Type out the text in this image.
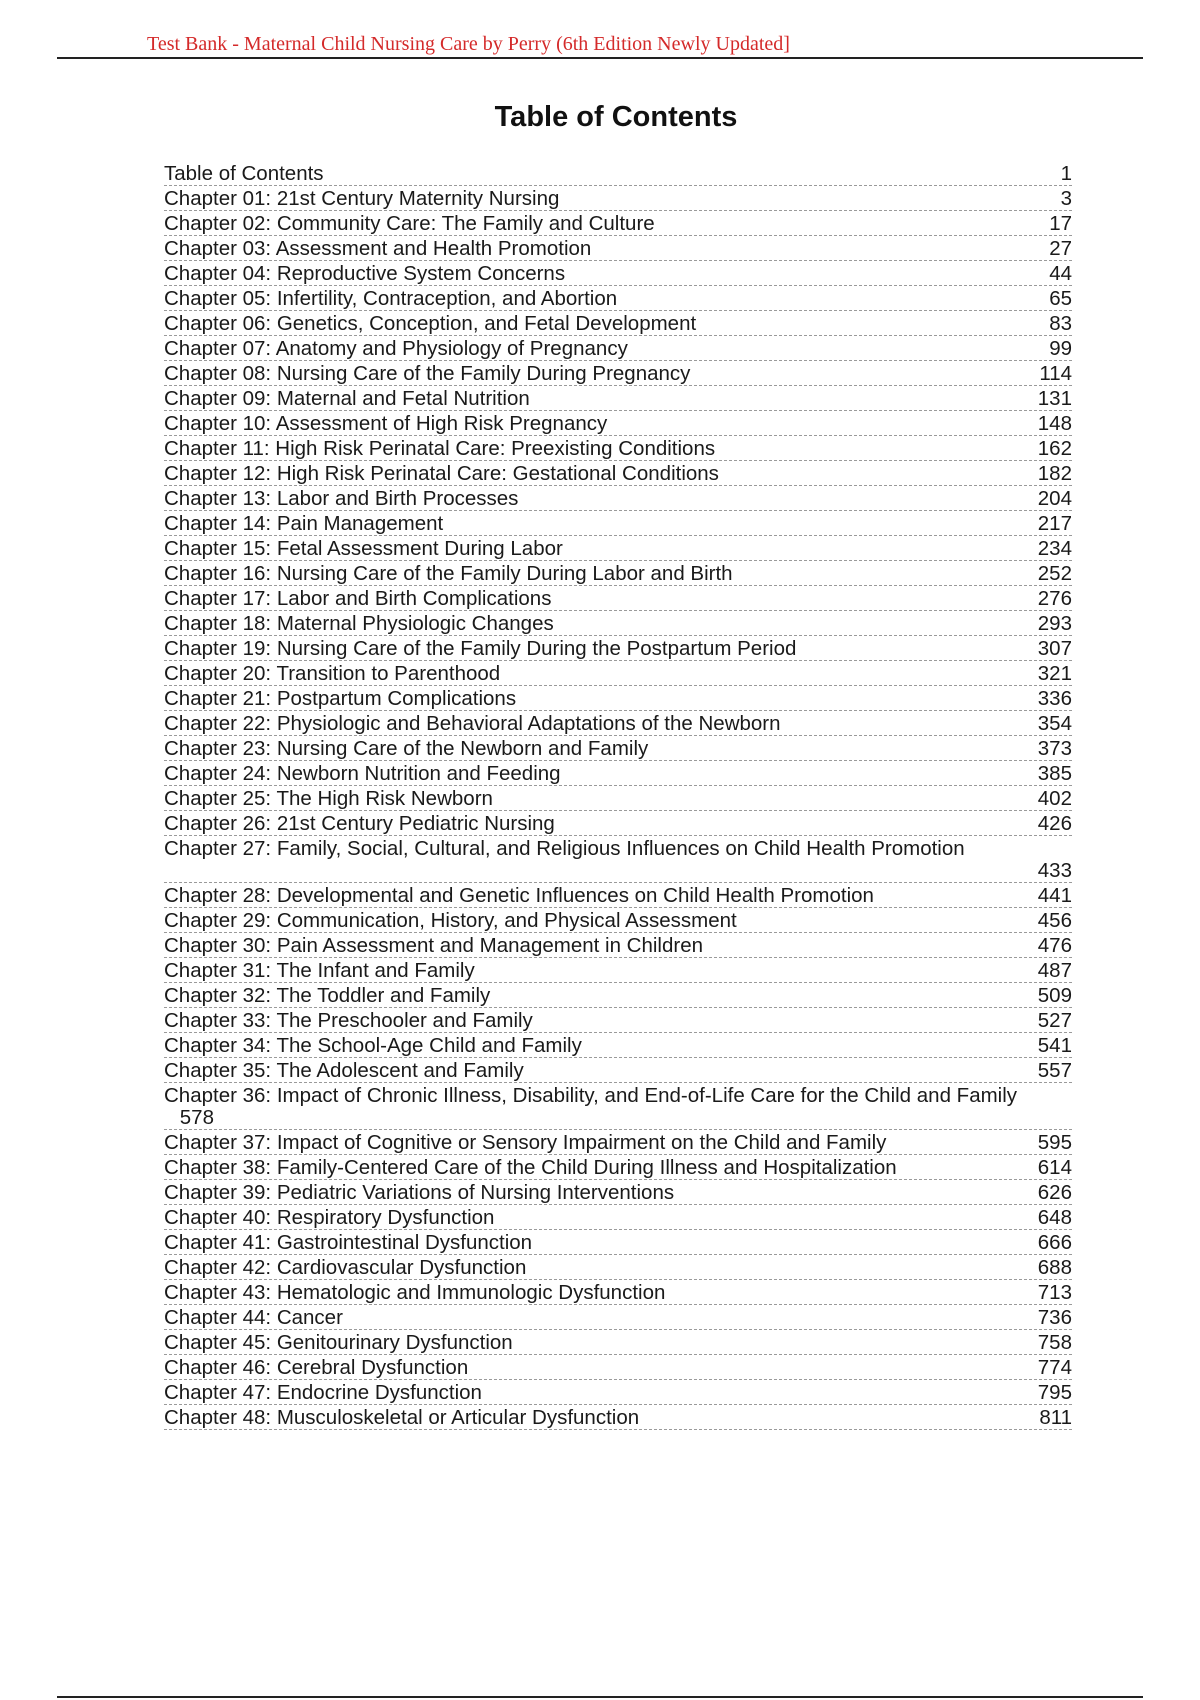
Test Bank - Maternal Child Nursing Care by Perry (6th Edition Newly Updated]
Table of Contents
Table of Contents	1
Chapter 01: 21st Century Maternity Nursing	3
Chapter 02: Community Care: The Family and Culture	17
Chapter 03: Assessment and Health Promotion	27
Chapter 04: Reproductive System Concerns	44
Chapter 05: Infertility, Contraception, and Abortion	65
Chapter 06: Genetics, Conception, and Fetal Development	83
Chapter 07: Anatomy and Physiology of Pregnancy	99
Chapter 08: Nursing Care of the Family During Pregnancy	114
Chapter 09: Maternal and Fetal Nutrition	131
Chapter 10: Assessment of High Risk Pregnancy	148
Chapter 11: High Risk Perinatal Care: Preexisting Conditions	162
Chapter 12: High Risk Perinatal Care: Gestational Conditions	182
Chapter 13: Labor and Birth Processes	204
Chapter 14: Pain Management	217
Chapter 15: Fetal Assessment During Labor	234
Chapter 16: Nursing Care of the Family During Labor and Birth	252
Chapter 17: Labor and Birth Complications	276
Chapter 18: Maternal Physiologic Changes	293
Chapter 19: Nursing Care of the Family During the Postpartum Period	307
Chapter 20: Transition to Parenthood	321
Chapter 21: Postpartum Complications	336
Chapter 22: Physiologic and Behavioral Adaptations of the Newborn	354
Chapter 23: Nursing Care of the Newborn and Family	373
Chapter 24: Newborn Nutrition and Feeding	385
Chapter 25: The High Risk Newborn	402
Chapter 26: 21st Century Pediatric Nursing	426
Chapter 27: Family, Social, Cultural, and Religious Influences on Child Health Promotion
433
Chapter 28: Developmental and Genetic Influences on Child Health Promotion	441
Chapter 29: Communication, History, and Physical Assessment	456
Chapter 30: Pain Assessment and Management in Children	476
Chapter 31: The Infant and Family	487
Chapter 32: The Toddler and Family	509
Chapter 33: The Preschooler and Family	527
Chapter 34: The School-Age Child and Family	541
Chapter 35: The Adolescent and Family	557
Chapter 36: Impact of Chronic Illness, Disability, and End-of-Life Care for the Child and Family
578
Chapter 37: Impact of Cognitive or Sensory Impairment on the Child and Family	595
Chapter 38: Family-Centered Care of the Child During Illness and Hospitalization	614
Chapter 39: Pediatric Variations of Nursing Interventions	626
Chapter 40: Respiratory Dysfunction	648
Chapter 41: Gastrointestinal Dysfunction	666
Chapter 42: Cardiovascular Dysfunction	688
Chapter 43: Hematologic and Immunologic Dysfunction	713
Chapter 44: Cancer	736
Chapter 45: Genitourinary Dysfunction	758
Chapter 46: Cerebral Dysfunction	774
Chapter 47: Endocrine Dysfunction	795
Chapter 48: Musculoskeletal or Articular Dysfunction	811
